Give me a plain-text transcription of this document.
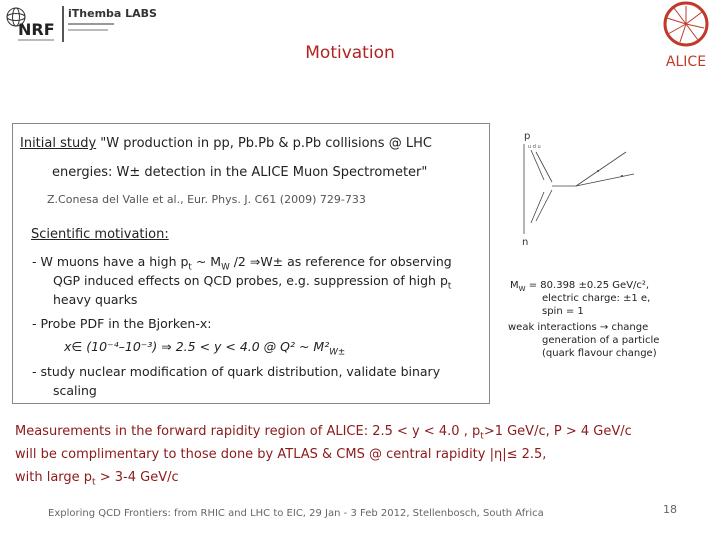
NRF
iThemba LABS
ALICE
Motivation
Initial study "W production in pp, Pb.Pb & p.Pb collisions @ LHC
energies: W± detection in the ALICE Muon Spectrometer"
Z.Conesa del Valle et al., Eur. Phys. J. C61 (2009) 729-733
Scientific motivation:
- W muons have a high $p_t$ ~ $M_W$ /2 ⇒W± as reference for observing
QGP induced effects on QCD probes, e.g. suppression of high $p_t$
heavy quarks
- Probe PDF in the Bjorken-x:
x∈ (10⁻⁴–10⁻³) ⇒ 2.5 < y < 4.0 @ Q² ~ $M^2_{W\pm}$
- study nuclear modification of quark distribution, validate binary
scaling
p
u d u
n
$M_W = 80.398 \pm 0.25$ GeV/c²,
electric charge: ±1 e,
spin = 1
weak interactions → change
generation of a particle
(quark flavour change)
Measurements in the forward rapidity region of ALICE: 2.5 < y < 4.0 , $p_t>1$ GeV/c, P > 4 GeV/c
will be complimentary to those done by ATLAS & CMS @ central rapidity |η|≤ 2.5,
with large $p_t > 3-4$ GeV/c
Exploring QCD Frontiers: from RHIC and LHC to EIC, 29 Jan - 3 Feb 2012, Stellenbosch, South Africa	18
